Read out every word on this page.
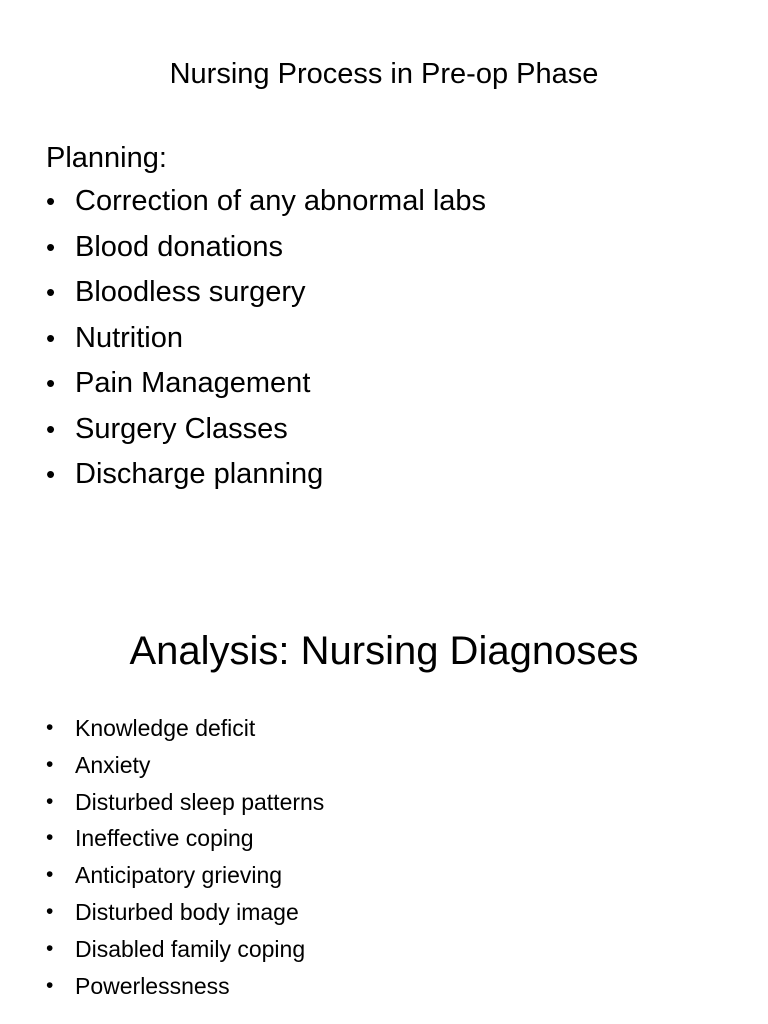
Nursing Process in Pre-op Phase
Planning:
• Correction of any abnormal labs
• Blood donations
• Bloodless surgery
• Nutrition
• Pain Management
• Surgery Classes
• Discharge planning
Analysis: Nursing Diagnoses
• Knowledge deficit
• Anxiety
• Disturbed sleep patterns
• Ineffective coping
• Anticipatory grieving
• Disturbed body image
• Disabled family coping
• Powerlessness
